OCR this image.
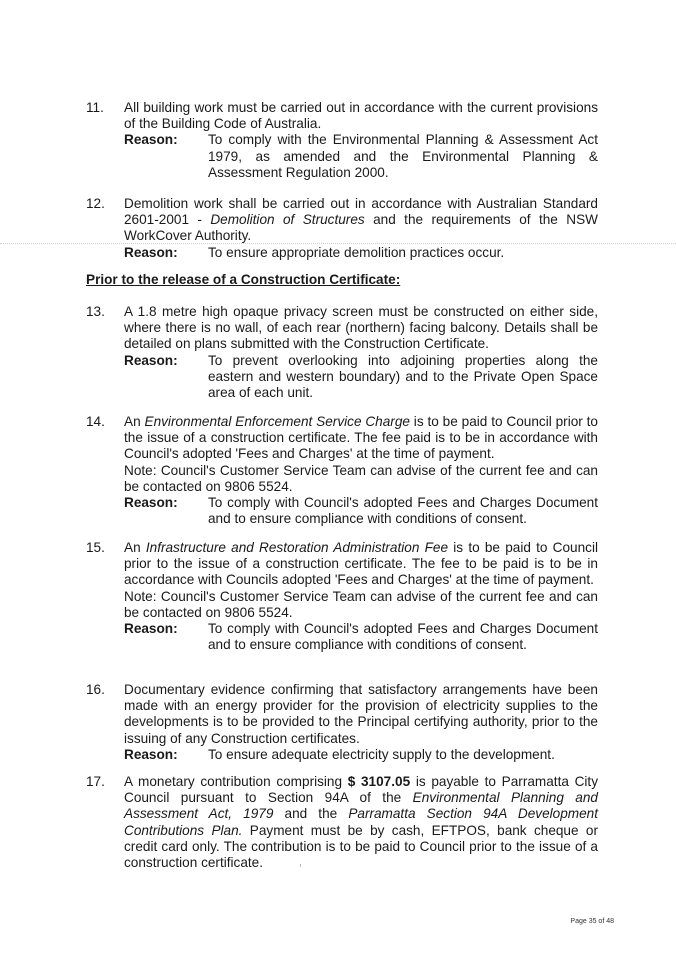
11. All building work must be carried out in accordance with the current provisions of the Building Code of Australia.

Reason: To comply with the Environmental Planning & Assessment Act 1979, as amended and the Environmental Planning & Assessment Regulation 2000.

12. Demolition work shall be carried out in accordance with Australian Standard 2601-2001 - Demolition of Structures and the requirements of the NSW WorkCover Authority.

Reason: To ensure appropriate demolition practices occur.

Prior to the release of a Construction Certificate:
13. A 1.8 metre high opaque privacy screen must be constructed on either side, where there is no wall, of each rear (northern) facing balcony. Details shall be detailed on plans submitted with the Construction Certificate.

Reason: To prevent overlooking into adjoining properties along the eastern and western boundary) and to the Private Open Space area of each unit.

14. An Environmental Enforcement Service Charge is to be paid to Council prior to the issue of a construction certificate. The fee paid is to be in accordance with Council's adopted 'Fees and Charges' at the time of payment.

Note: Council's Customer Service Team can advise of the current fee and can be contacted on 9806 5524.

Reason: To comply with Council's adopted Fees and Charges Document and to ensure compliance with conditions of consent.

15. An Infrastructure and Restoration Administration Fee is to be paid to Council prior to the issue of a construction certificate. The fee to be paid is to be in accordance with Councils adopted 'Fees and Charges' at the time of payment.

Note: Council's Customer Service Team can advise of the current fee and can be contacted on 9806 5524.

Reason: To comply with Council's adopted Fees and Charges Document and to ensure compliance with conditions of consent.

16. Documentary evidence confirming that satisfactory arrangements have been made with an energy provider for the provision of electricity supplies to the developments is to be provided to the Principal certifying authority, prior to the issuing of any Construction certificates.

Reason: To ensure adequate electricity supply to the development.

17. A monetary contribution comprising $ 3107.05 is payable to Parramatta City Council pursuant to Section 94A of the Environmental Planning and Assessment Act, 1979 and the Parramatta Section 94A Development Contributions Plan. Payment must be by cash, EFTPOS, bank cheque or credit card only. The contribution is to be paid to Council prior to the issue of a construction certificate.

Page 35 of 48
